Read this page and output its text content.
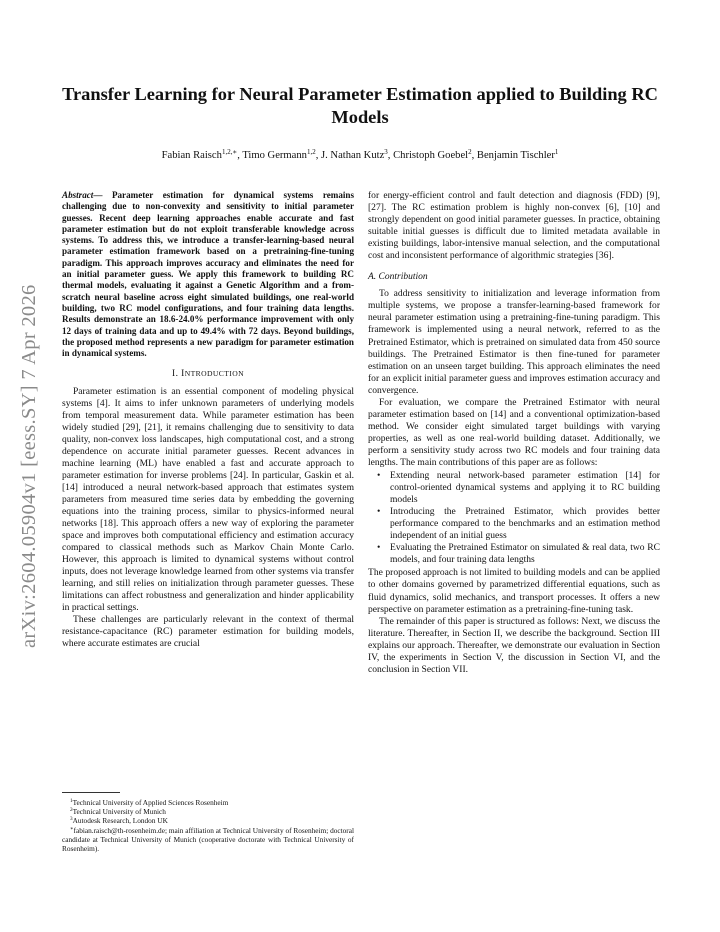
arXiv:2604.05904v1 [eess.SY] 7 Apr 2026
Transfer Learning for Neural Parameter Estimation applied to Building RC Models
Fabian Raisch$^{1,2,∗}$, Timo Germann$^{1,2}$, J. Nathan Kutz$^3$, Christoph Goebel$^2$, Benjamin Tischler$^1$

Abstract— Parameter estimation for dynamical systems remains challenging due to non-convexity and sensitivity to initial parameter guesses. Recent deep learning approaches enable accurate and fast parameter estimation but do not exploit transferable knowledge across systems. To address this, we introduce a transfer-learning-based neural parameter estimation framework based on a pretraining-fine-tuning paradigm. This approach improves accuracy and eliminates the need for an initial parameter guess. We apply this framework to building RC thermal models, evaluating it against a Genetic Algorithm and a from-scratch neural baseline across eight simulated buildings, one real-world building, two RC model configurations, and four training data lengths. Results demonstrate an 18.6-24.0% performance improvement with only 12 days of training data and up to 49.4% with 72 days. Beyond buildings, the proposed method represents a new paradigm for parameter estimation in dynamical systems.

I. INTRODUCTION

Parameter estimation is an essential component of modeling physical systems [4]. It aims to infer unknown parameters of underlying models from temporal measurement data. While parameter estimation has been widely studied [29], [21], it remains challenging due to sensitivity to data quality, non-convex loss landscapes, high computational cost, and a strong dependence on accurate initial parameter guesses. Recent advances in machine learning (ML) have enabled a fast and accurate approach to parameter estimation for inverse problems [24]. In particular, Gaskin et al. [14] introduced a neural network-based approach that estimates system parameters from measured time series data by embedding the governing equations into the training process, similar to physics-informed neural networks [18]. This approach offers a new way of exploring the parameter space and improves both computational efficiency and estimation accuracy compared to classical methods such as Markov Chain Monte Carlo. However, this approach is limited to dynamical systems without control inputs, does not leverage knowledge learned from other systems via transfer learning, and still relies on initialization through parameter guesses. These limitations can affect robustness and generalization and hinder applicability in practical settings.

These challenges are particularly relevant in the context of thermal resistance-capacitance (RC) parameter estimation for building models, where accurate estimates are crucial

$^1$Technical University of Applied Sciences Rosenheim

$^2$Technical University of Munich

$^3$Autodesk Research, London UK

∗fabian.raisch@th-rosenheim.de; main affiliation at Technical University of Rosenheim; doctoral candidate at Technical University of Munich (cooperative doctorate with Technical University of Rosenheim).

for energy-efficient control and fault detection and diagnosis (FDD) [9], [27]. The RC estimation problem is highly non-convex [6], [10] and strongly dependent on good initial parameter guesses. In practice, obtaining suitable initial guesses is difficult due to limited metadata available in existing buildings, labor-intensive manual selection, and the computational cost and inconsistent performance of algorithmic strategies [36].

A. Contribution

To address sensitivity to initialization and leverage information from multiple systems, we propose a transfer-learning-based framework for neural parameter estimation using a pretraining-fine-tuning paradigm. This framework is implemented using a neural network, referred to as the Pretrained Estimator, which is pretrained on simulated data from 450 source buildings. The Pretrained Estimator is then fine-tuned for parameter estimation on an unseen target building. This approach eliminates the need for an explicit initial parameter guess and improves estimation accuracy and convergence.

For evaluation, we compare the Pretrained Estimator with neural parameter estimation based on [14] and a conventional optimization-based method. We consider eight simulated target buildings with varying properties, as well as one real-world building dataset. Additionally, we perform a sensitivity study across two RC models and four training data lengths. The main contributions of this paper are as follows:

• Extending neural network-based parameter estimation [14] for control-oriented dynamical systems and applying it to RC building models
• Introducing the Pretrained Estimator, which provides better performance compared to the benchmarks and an estimation method independent of an initial guess
• Evaluating the Pretrained Estimator on simulated & real data, two RC models, and four training data lengths

The proposed approach is not limited to building models and can be applied to other domains governed by parametrized differential equations, such as fluid dynamics, solid mechanics, and transport processes. It offers a new perspective on parameter estimation as a pretraining-fine-tuning task.

The remainder of this paper is structured as follows: Next, we discuss the literature. Thereafter, in Section II, we describe the background. Section III explains our approach. Thereafter, we demonstrate our evaluation in Section IV, the experiments in Section V, the discussion in Section VI, and the conclusion in Section VII.
